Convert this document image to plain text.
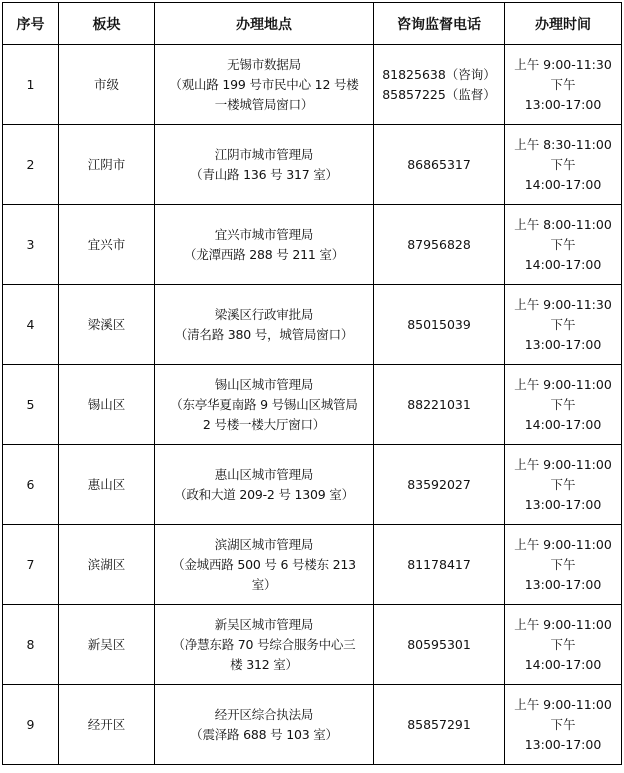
序号	板块	办理地点	咨询监督电话	办理时间
1	市级	无锡市数据局
（观山路 199 号市民中心 12 号楼
一楼城管局窗口）	81825638（咨询）
85857225（监督）	上午 9:00-11:30
下午
13:00-17:00

2	江阴市	江阴市城市管理局
（青山路 136 号 317 室）	86865317	上午 8:30-11:00
下午
14:00-17:00

3	宜兴市	宜兴市城市管理局
（龙潭西路 288 号 211 室）	87956828	上午 8:00-11:00
下午
14:00-17:00

4	梁溪区	梁溪区行政审批局
（清名路 380 号，城管局窗口）	85015039	上午 9:00-11:30
下午
13:00-17:00

5	锡山区	锡山区城市管理局
（东亭华夏南路 9 号锡山区城管局
2 号楼一楼大厅窗口）	88221031	上午 9:00-11:00
下午
14:00-17:00

6	惠山区	惠山区城市管理局
（政和大道 209-2 号 1309 室）	83592027	上午 9:00-11:00
下午
13:00-17:00

7	滨湖区	滨湖区城市管理局
（金城西路 500 号 6 号楼东 213
室）	81178417	上午 9:00-11:00
下午
13:00-17:00

8	新吴区	新吴区城市管理局
（净慧东路 70 号综合服务中心三
楼 312 室）	80595301	上午 9:00-11:00
下午
14:00-17:00

9	经开区	经开区综合执法局
（震泽路 688 号 103 室）	85857291	上午 9:00-11:00
下午
13:00-17:00
